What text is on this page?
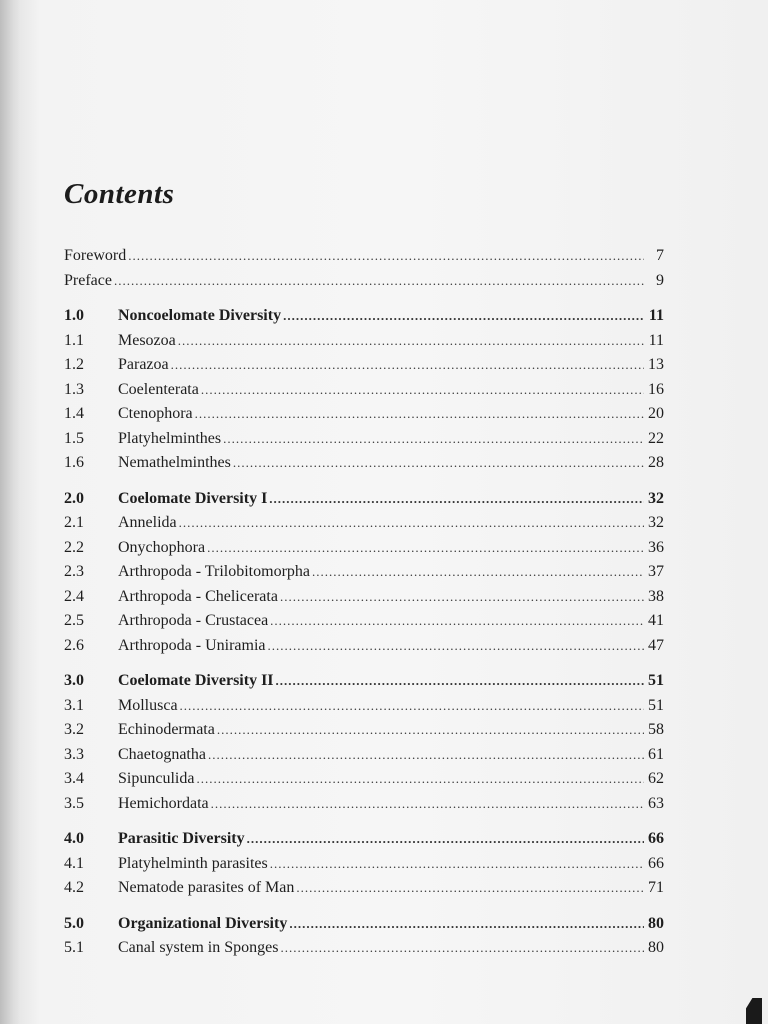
Contents
Foreword .....	7
Preface .....	9
1.0	Noncoelomate Diversity .....	11
1.1	Mesozoa .....	11
1.2	Parazoa .....	13
1.3	Coelenterata .....	16
1.4	Ctenophora .....	20
1.5	Platyhelminthes .....	22
1.6	Nemathelminthes .....	28
2.0	Coelomate Diversity I .....	32
2.1	Annelida .....	32
2.2	Onychophora .....	36
2.3	Arthropoda - Trilobitomorpha .....	37
2.4	Arthropoda - Chelicerata .....	38
2.5	Arthropoda - Crustacea .....	41
2.6	Arthropoda - Uniramia .....	47
3.0	Coelomate Diversity II .....	51
3.1	Mollusca .....	51
3.2	Echinodermata .....	58
3.3	Chaetognatha .....	61
3.4	Sipunculida .....	62
3.5	Hemichordata .....	63
4.0	Parasitic Diversity .....	66
4.1	Platyhelminth parasites .....	66
4.2	Nematode parasites of Man .....	71
5.0	Organizational Diversity .....	80
5.1	Canal system in Sponges .....	80
